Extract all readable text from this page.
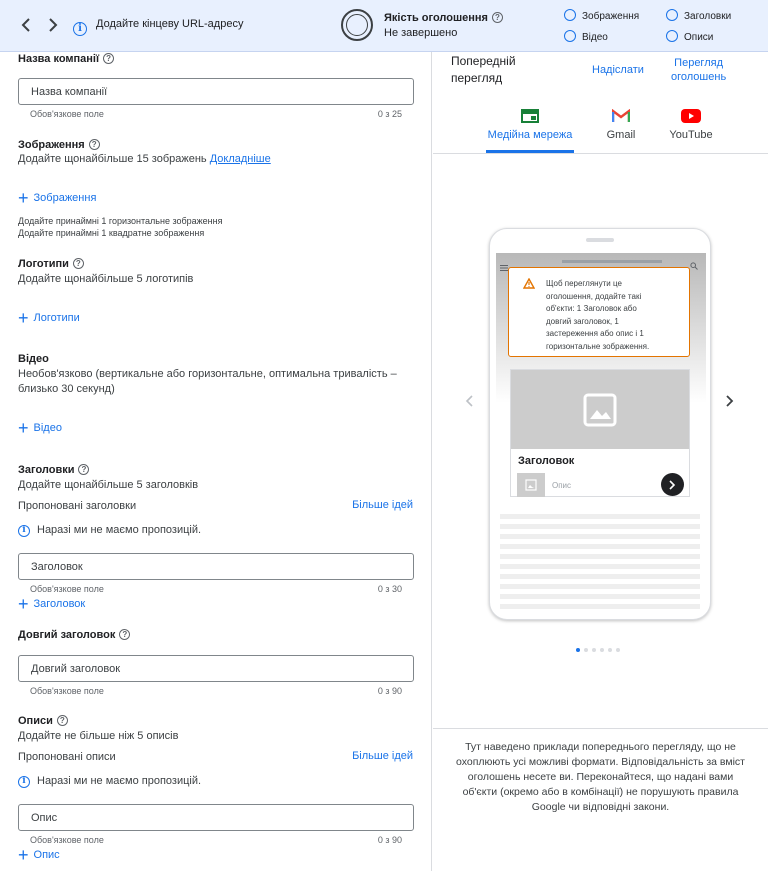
i	Додайте кінцеву URL-адресу	Якість оголошення ?
Не завершено
Зображення	Заголовки
Відео	Описи
Назва компанії ?
Назва компанії
Обов'язкове поле	0 з 25
Зображення ?
Додайте щонайбільше 15 зображень Докладніше
+ Зображення
Додайте принаймні 1 горизонтальне зображення
Додайте принаймні 1 квадратне зображення
Логотипи ?
Додайте щонайбільше 5 логотипів
+ Логотипи
Відео
Необов'язково (вертикальне або горизонтальне, оптимальна тривалість –
близько 30 секунд)
+ Відео
Заголовки ?
Додайте щонайбільше 5 заголовків
Пропоновані заголовки	Більше ідей
i	Наразі ми не маємо пропозицій.
Заголовок
Обов'язкове поле	0 з 30
+ Заголовок
Довгий заголовок ?
Довгий заголовок
Обов'язкове поле	0 з 90
Описи ?
Додайте не більше ніж 5 описів
Пропоновані описи	Більше ідей
i	Наразі ми не маємо пропозицій.
Опис
Обов'язкове поле	0 з 90
+ Опис
Попередній
перегляд
Надіслати
Перегляд
оголошень
Медійна мережа	Gmail	YouTube
Щоб переглянути це
оголошення, додайте такі
об'єкти: 1 Заголовок або
довгий заголовок, 1
застереження або опис і 1
горизонтальне зображення.
Заголовок
Опис
Тут наведено приклади попереднього перегляду, що не
охоплюють усі можливі формати. Відповідальність за вміст
оголошень несете ви. Переконайтеся, що надані вами
об'єкти (окремо або в комбінації) не порушують правила
Google чи відповідні закони.
